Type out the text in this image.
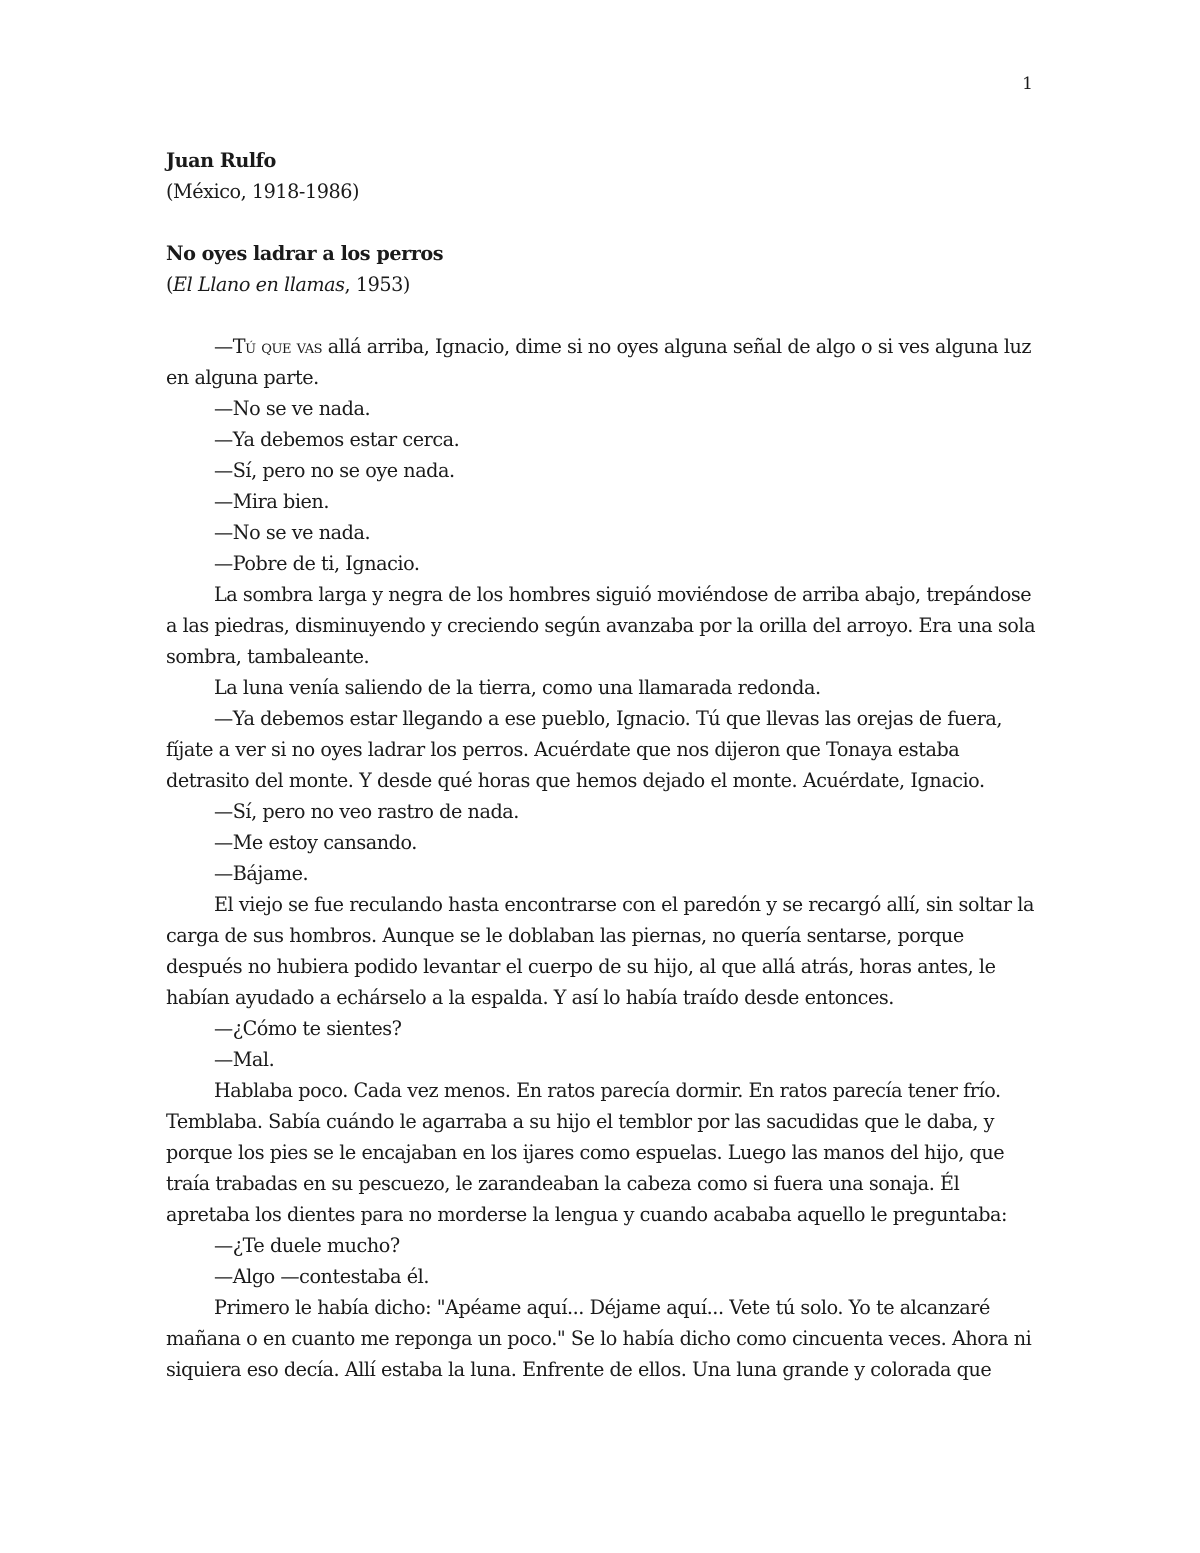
1

Juan Rulfo

(México, 1918-1986)

No oyes ladrar a los perros

(El Llano en llamas, 1953)

—Tú que vas allá arriba, Ignacio, dime si no oyes alguna señal de algo o si ves alguna luz en alguna parte.

—No se ve nada.

—Ya debemos estar cerca.

—Sí, pero no se oye nada.

—Mira bien.

—No se ve nada.

—Pobre de ti, Ignacio.

La sombra larga y negra de los hombres siguió moviéndose de arriba abajo, trepándose a las piedras, disminuyendo y creciendo según avanzaba por la orilla del arroyo. Era una sola sombra, tambaleante.

La luna venía saliendo de la tierra, como una llamarada redonda.

—Ya debemos estar llegando a ese pueblo, Ignacio. Tú que llevas las orejas de fuera, fíjate a ver si no oyes ladrar los perros. Acuérdate que nos dijeron que Tonaya estaba detrasito del monte. Y desde qué horas que hemos dejado el monte. Acuérdate, Ignacio.

—Sí, pero no veo rastro de nada.

—Me estoy cansando.

—Bájame.

El viejo se fue reculando hasta encontrarse con el paredón y se recargó allí, sin soltar la carga de sus hombros. Aunque se le doblaban las piernas, no quería sentarse, porque después no hubiera podido levantar el cuerpo de su hijo, al que allá atrás, horas antes, le habían ayudado a echárselo a la espalda. Y así lo había traído desde entonces.

—¿Cómo te sientes?

—Mal.

Hablaba poco. Cada vez menos. En ratos parecía dormir. En ratos parecía tener frío. Temblaba. Sabía cuándo le agarraba a su hijo el temblor por las sacudidas que le daba, y porque los pies se le encajaban en los ijares como espuelas. Luego las manos del hijo, que traía trabadas en su pescuezo, le zarandeaban la cabeza como si fuera una sonaja. Él apretaba los dientes para no morderse la lengua y cuando acababa aquello le preguntaba:

—¿Te duele mucho?

—Algo —contestaba él.

Primero le había dicho: "Apéame aquí... Déjame aquí... Vete tú solo. Yo te alcanzaré mañana o en cuanto me reponga un poco." Se lo había dicho como cincuenta veces. Ahora ni siquiera eso decía. Allí estaba la luna. Enfrente de ellos. Una luna grande y colorada que
